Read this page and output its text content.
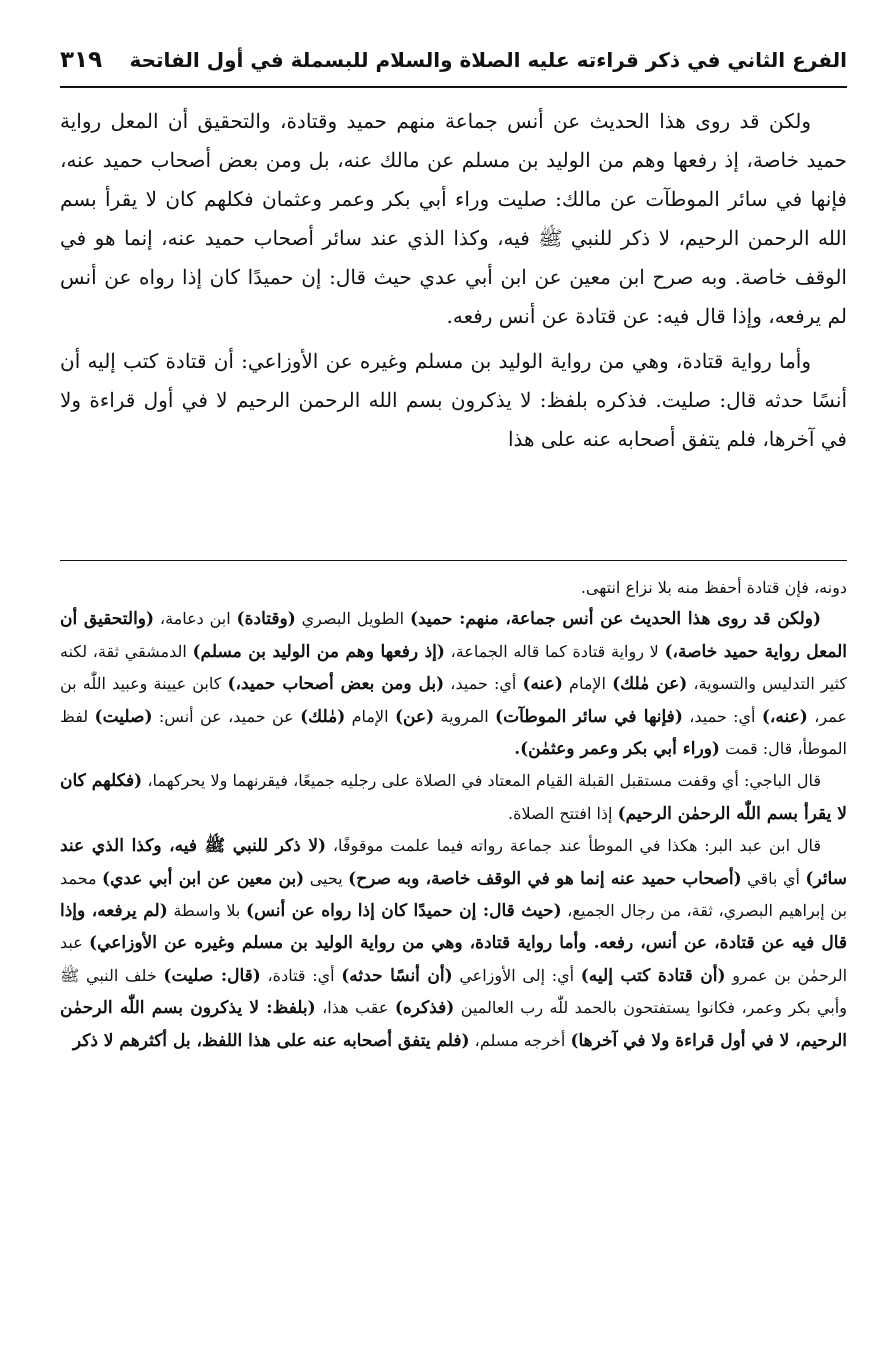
الفرع الثاني في ذكر قراءته عليه الصلاة والسلام للبسملة في أول الفاتحة
٣١٩

ولكن قد روى هذا الحديث عن أنس جماعة منهم حميد وقتادة، والتحقيق أن المعل رواية حميد خاصة، إذ رفعها وهم من الوليد بن مسلم عن مالك عنه، بل ومن بعض أصحاب حميد عنه، فإنها في سائر الموطآت عن مالك: صليت وراء أبي بكر وعمر وعثمان فكلهم كان لا يقرأ بسم الله الرحمن الرحيم، لا ذكر للنبي ﷺ فيه، وكذا الذي عند سائر أصحاب حميد عنه، إنما هو في الوقف خاصة. وبه صرح ابن معين عن ابن أبي عدي حيث قال: إن حميدًا كان إذا رواه عن أنس لم يرفعه، وإذا قال فيه: عن قتادة عن أنس رفعه.

وأما رواية قتادة، وهي من رواية الوليد بن مسلم وغيره عن الأوزاعي: أن قتادة كتب إليه أن أنسًا حدثه قال: صليت. فذكره بلفظ: لا يذكرون بسم الله الرحمن الرحيم لا في أول قراءة ولا في آخرها، فلم يتفق أصحابه عنه على هذا

دونه، فإن قتادة أحفظ منه بلا نزاع انتهى.

(ولكن قد روى هذا الحديث عن أنس جماعة، منهم: حميد) الطويل البصري (وقتادة) ابن دعامة، (والتحقيق أن المعل رواية حميد خاصة،) لا رواية قتادة كما قاله الجماعة، (إذ رفعها وهم من الوليد بن مسلم) الدمشقي ثقة، لكنه كثير التدليس والتسوية، (عن مٰلك) الإمام (عنه) أي: حميد، (بل ومن بعض أصحاب حميد،) كابن عيينة وعبيد اللّٰه بن عمر، (عنه،) أي: حميد، (فإنها في سائر الموطآت) المروية (عن) الإمام (مٰلك) عن حميد، عن أنس: (صليت) لفظ الموطأ، قال: قمت (وراء أبي بكر وعمر وعثمٰن).

قال الباجي: أي وقفت مستقبل القبلة القيام المعتاد في الصلاة على رجليه جميعًا، فيقرنهما ولا يحركهما، (فكلهم كان لا يقرأ بسم اللّٰه الرحمٰن الرحيم) إذا افتتح الصلاة.

قال ابن عبد البر: هكذا في الموطأ عند جماعة رواته فيما علمت موقوفًا، (لا ذكر للنبي ﷺ فيه، وكذا الذي عند سائر) أي باقي (أصحاب حميد عنه إنما هو في الوقف خاصة، وبه صرح) يحيى (بن معين عن ابن أبي عدي) محمد بن إبراهيم البصري، ثقة، من رجال الجميع، (حيث قال: إن حميدًا كان إذا رواه عن أنس) بلا واسطة (لم يرفعه، وإذا قال فيه عن قتادة، عن أنس، رفعه. وأما رواية قتادة، وهي من رواية الوليد بن مسلم وغيره عن الأوزاعي) عبد الرحمٰن بن عمرو (أن قتادة كتب إليه) أي: إلى الأوزاعي (أن أنسًا حدثه) أي: قتادة، (قال: صليت) خلف النبي ﷺ وأبي بكر وعمر، فكانوا يستفتحون بالحمد للّٰه رب العالمين (فذكره) عقب هذا، (بلفظ: لا يذكرون بسم اللّٰه الرحمٰن الرحيم، لا في أول قراءة ولا في آخرها) أخرجه مسلم، (فلم يتفق أصحابه عنه على هذا اللفظ، بل أكثرهم لا ذكر
